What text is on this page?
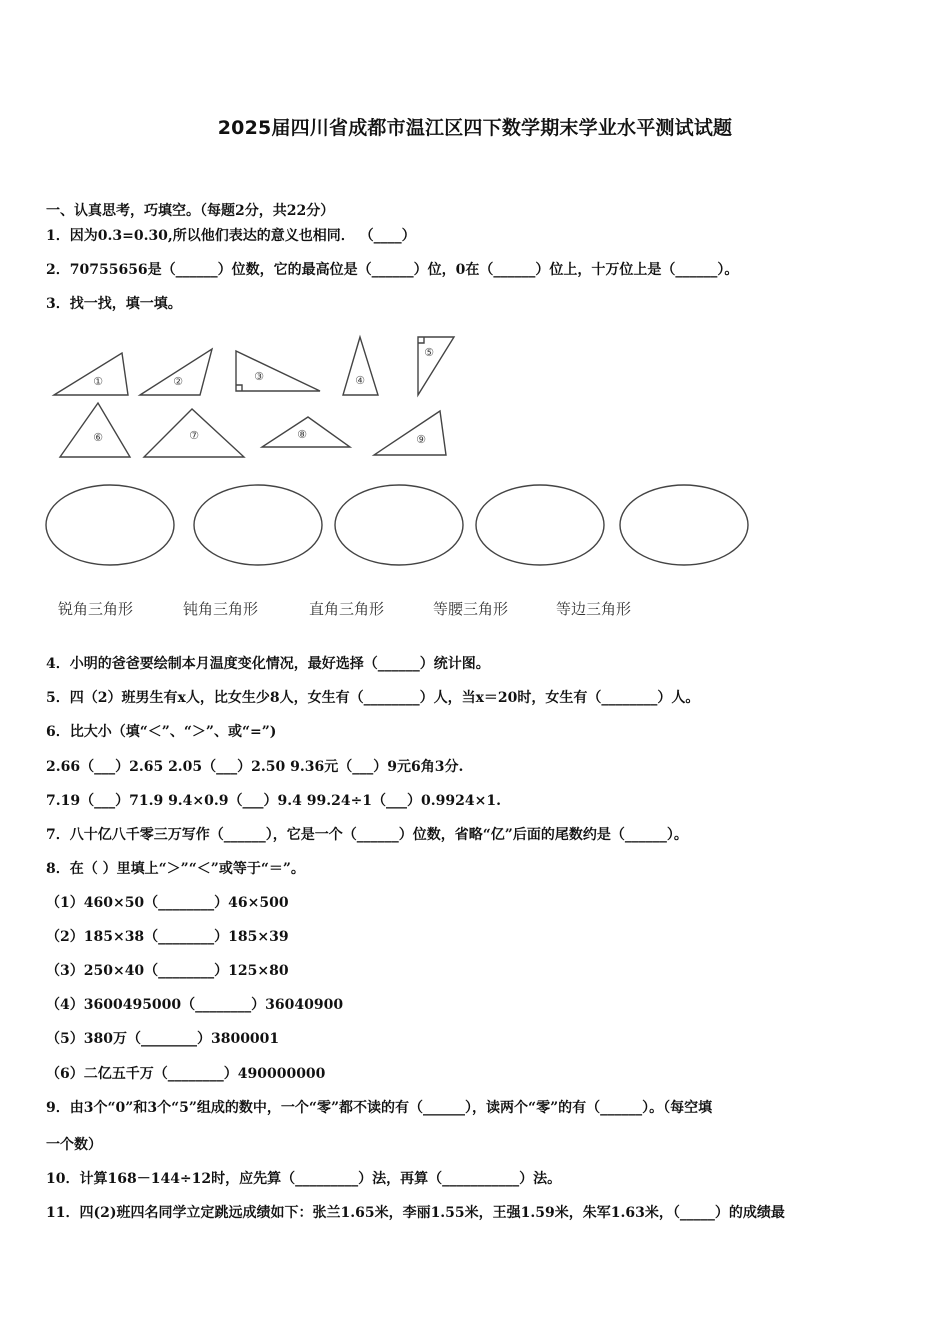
2025届四川省成都市温江区四下数学期末学业水平测试试题
一、认真思考，巧填空。（每题2分，共22分）
1．因为0.3=0.30,所以他们表达的意义也相同． （____）
2．70755656是（______）位数，它的最高位是（______）位，0在（______）位上，十万位上是（______）。
3．找一找，填一填。
①	②	③	④
⑤
⑥	⑦	⑧	⑨
锐角三角形	钝角三角形	直角三角形	等腰三角形	等边三角形
4．小明的爸爸要绘制本月温度变化情况，最好选择（______）统计图。
5．四（2）班男生有x人，比女生少8人，女生有（________）人，当x＝20时，女生有（________）人。
6．比大小（填“＜”、“＞”、或“=”)
2.66（___）2.65 2.05（___）2.50 9.36元（___）9元6角3分.
7.19（___）71.9 9.4×0.9（___）9.4 99.24÷1（___）0.9924×1.
7．八十亿八千零三万写作（______），它是一个（______）位数，省略“亿”后面的尾数约是（______）。
8．在（ ）里填上“＞”“＜”或等于“＝”。
（1）460×50（________）46×500
（2）185×38（________）185×39
（3）250×40（________）125×80
（4）3600495000（________）36040900
（5）380万（________）3800001
（6）二亿五千万（________）490000000
9．由3个“0”和3个“5”组成的数中，一个“零”都不读的有（______），读两个“零”的有（______）。（每空填
一个数）
10．计算168－144÷12时，应先算（_________）法，再算（___________）法。
11．四(2)班四名同学立定跳远成绩如下：张兰1.65米，李丽1.55米，王强1.59米，朱军1.63米，（_____）的成绩最
